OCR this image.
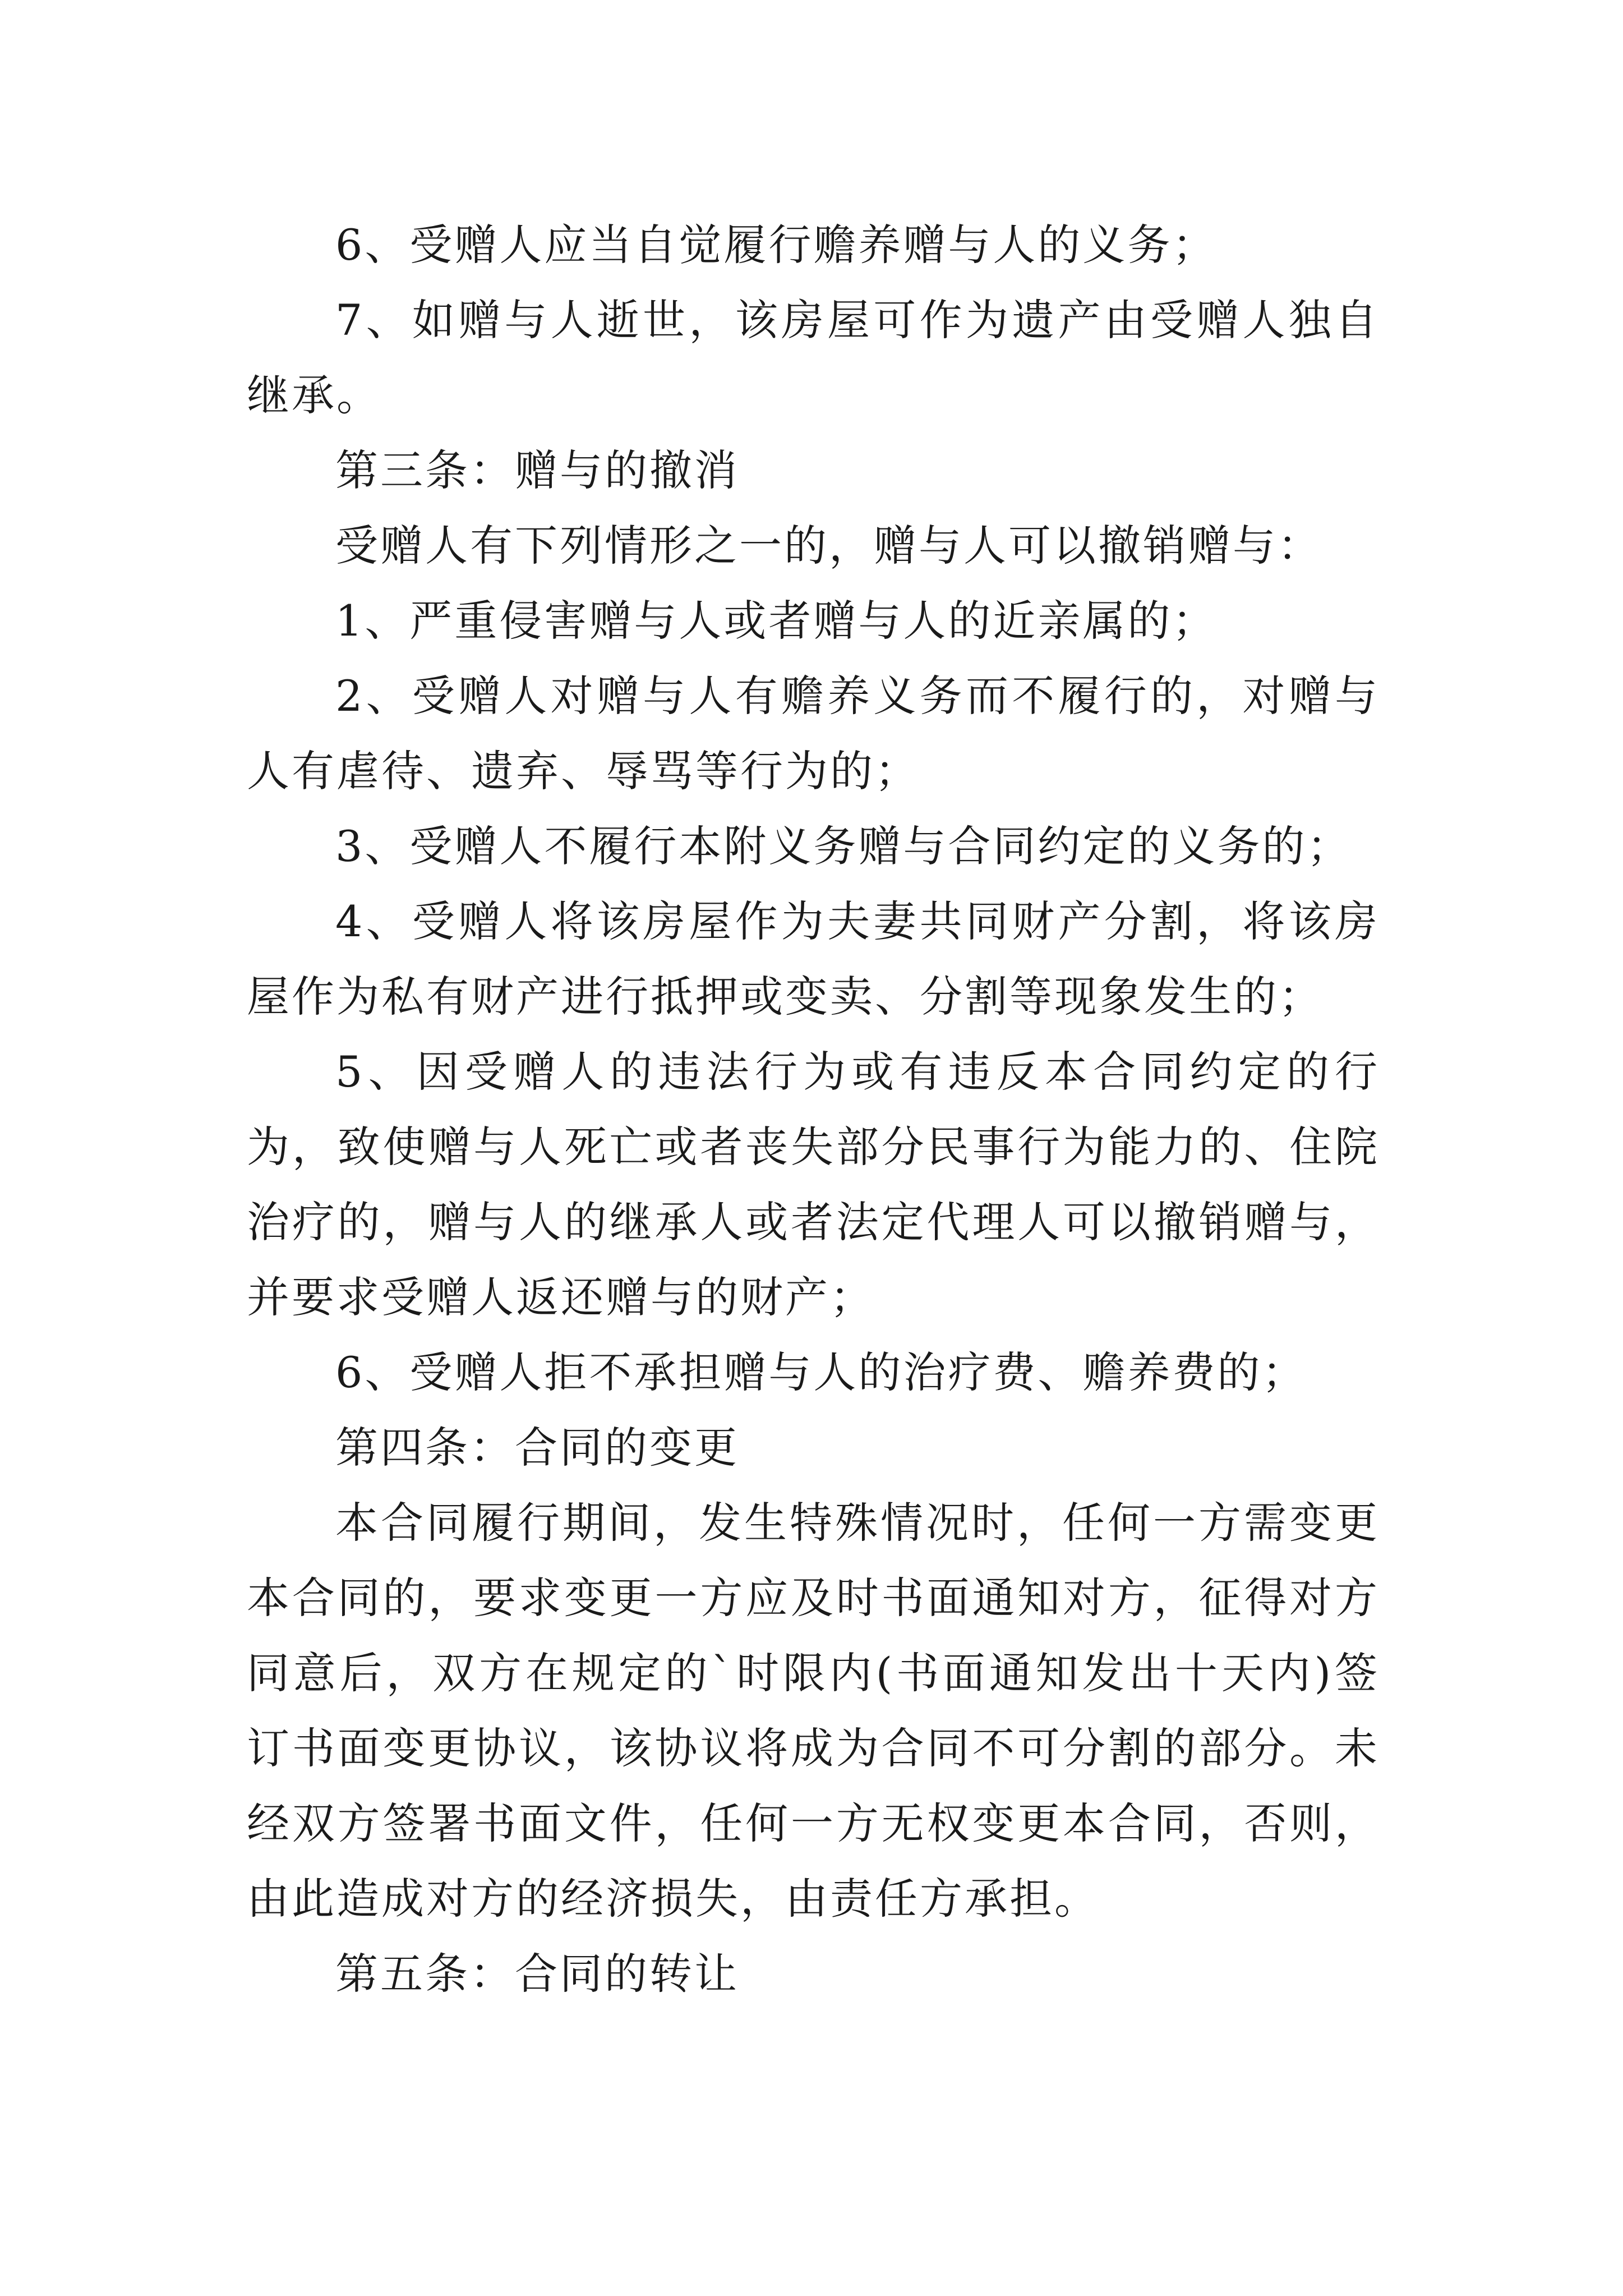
6、受赠人应当自觉履行赡养赠与人的义务；

7、如赠与人逝世，该房屋可作为遗产由受赠人独自继承。

第三条：赠与的撤消

受赠人有下列情形之一的，赠与人可以撤销赠与：

1、严重侵害赠与人或者赠与人的近亲属的；

2、受赠人对赠与人有赡养义务而不履行的，对赠与人有虐待、遗弃、辱骂等行为的；

3、受赠人不履行本附义务赠与合同约定的义务的；

4、受赠人将该房屋作为夫妻共同财产分割，将该房屋作为私有财产进行抵押或变卖、分割等现象发生的；

5、因受赠人的违法行为或有违反本合同约定的行为，致使赠与人死亡或者丧失部分民事行为能力的、住院治疗的，赠与人的继承人或者法定代理人可以撤销赠与，并要求受赠人返还赠与的财产；

6、受赠人拒不承担赠与人的治疗费、赡养费的；

第四条：合同的变更

本合同履行期间，发生特殊情况时，任何一方需变更本合同的，要求变更一方应及时书面通知对方，征得对方同意后，双方在规定的`时限内(书面通知发出十天内)签订书面变更协议，该协议将成为合同不可分割的部分。未经双方签署书面文件，任何一方无权变更本合同，否则，由此造成对方的经济损失，由责任方承担。

第五条：合同的转让
